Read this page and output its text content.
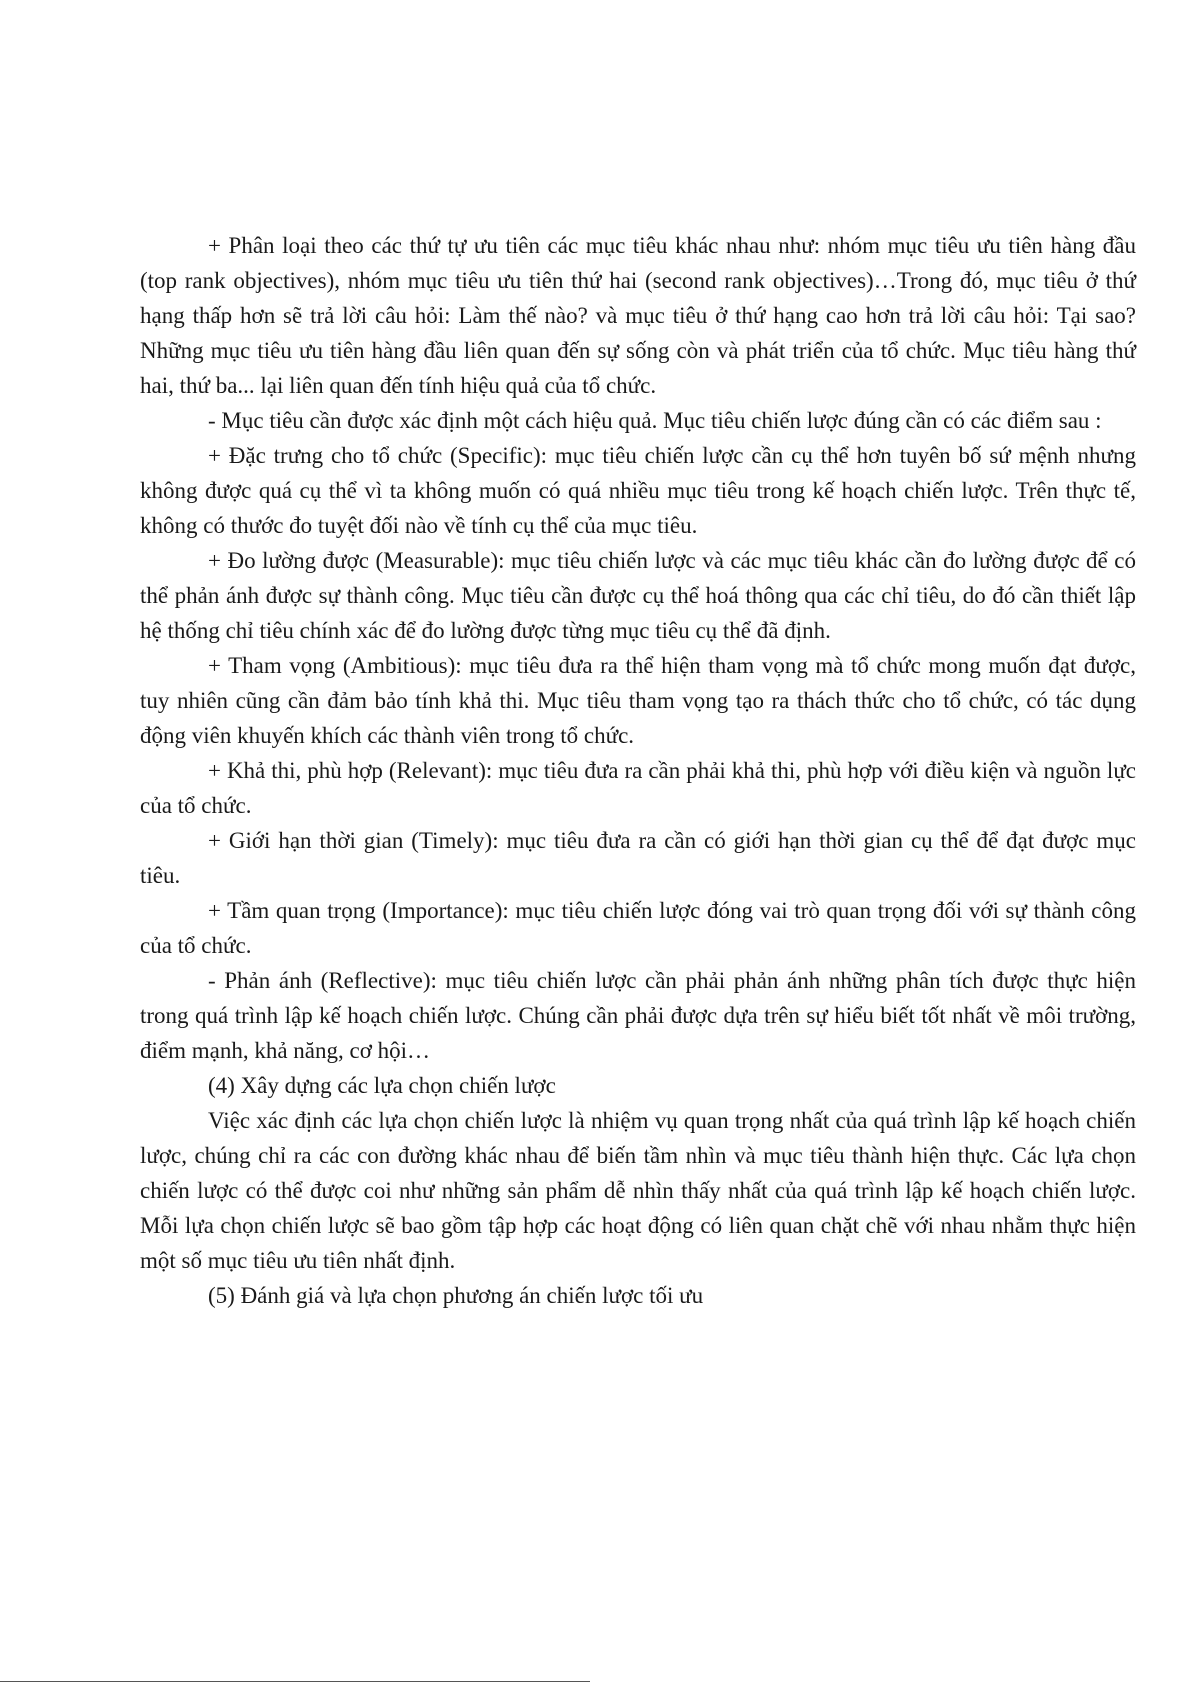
+ Phân loại theo các thứ tự ưu tiên các mục tiêu khác nhau như: nhóm mục tiêu ưu tiên hàng đầu (top rank objectives), nhóm mục tiêu ưu tiên thứ hai (second rank objectives)…Trong đó, mục tiêu ở thứ hạng thấp hơn sẽ trả lời câu hỏi: Làm thế nào? và mục tiêu ở thứ hạng cao hơn trả lời câu hỏi: Tại sao? Những mục tiêu ưu tiên hàng đầu liên quan đến sự sống còn và phát triển của tổ chức. Mục tiêu hàng thứ hai, thứ ba... lại liên quan đến tính hiệu quả của tổ chức.

- Mục tiêu cần được xác định một cách hiệu quả. Mục tiêu chiến lược đúng cần có các điểm sau :

+ Đặc trưng cho tổ chức (Specific): mục tiêu chiến lược cần cụ thể hơn tuyên bố sứ mệnh nhưng không được quá cụ thể vì ta không muốn có quá nhiều mục tiêu trong kế hoạch chiến lược. Trên thực tế, không có thước đo tuyệt đối nào về tính cụ thể của mục tiêu.

+ Đo lường được (Measurable): mục tiêu chiến lược và các mục tiêu khác cần đo lường được để có thể phản ánh được sự thành công. Mục tiêu cần được cụ thể hoá thông qua các chỉ tiêu, do đó cần thiết lập hệ thống chỉ tiêu chính xác để đo lường được từng mục tiêu cụ thể đã định.

+ Tham vọng (Ambitious): mục tiêu đưa ra thể hiện tham vọng mà tổ chức mong muốn đạt được, tuy nhiên cũng cần đảm bảo tính khả thi. Mục tiêu tham vọng tạo ra thách thức cho tổ chức, có tác dụng động viên khuyến khích các thành viên trong tổ chức.

+ Khả thi, phù hợp (Relevant): mục tiêu đưa ra cần phải khả thi, phù hợp với điều kiện và nguồn lực của tổ chức.

+ Giới hạn thời gian (Timely): mục tiêu đưa ra cần có giới hạn thời gian cụ thể để đạt được mục tiêu.

+ Tầm quan trọng (Importance): mục tiêu chiến lược đóng vai trò quan trọng đối với sự thành công của tổ chức.

- Phản ánh (Reflective): mục tiêu chiến lược cần phải phản ánh những phân tích được thực hiện trong quá trình lập kế hoạch chiến lược. Chúng cần phải được dựa trên sự hiểu biết tốt nhất về môi trường, điểm mạnh, khả năng, cơ hội…

(4) Xây dựng các lựa chọn chiến lược

Việc xác định các lựa chọn chiến lược là nhiệm vụ quan trọng nhất của quá trình lập kế hoạch chiến lược, chúng chỉ ra các con đường khác nhau để biến tầm nhìn và mục tiêu thành hiện thực. Các lựa chọn chiến lược có thể được coi như những sản phẩm dễ nhìn thấy nhất của quá trình lập kế hoạch chiến lược. Mỗi lựa chọn chiến lược sẽ bao gồm tập hợp các hoạt động có liên quan chặt chẽ với nhau nhằm thực hiện một số mục tiêu ưu tiên nhất định.

(5) Đánh giá và lựa chọn phương án chiến lược tối ưu
